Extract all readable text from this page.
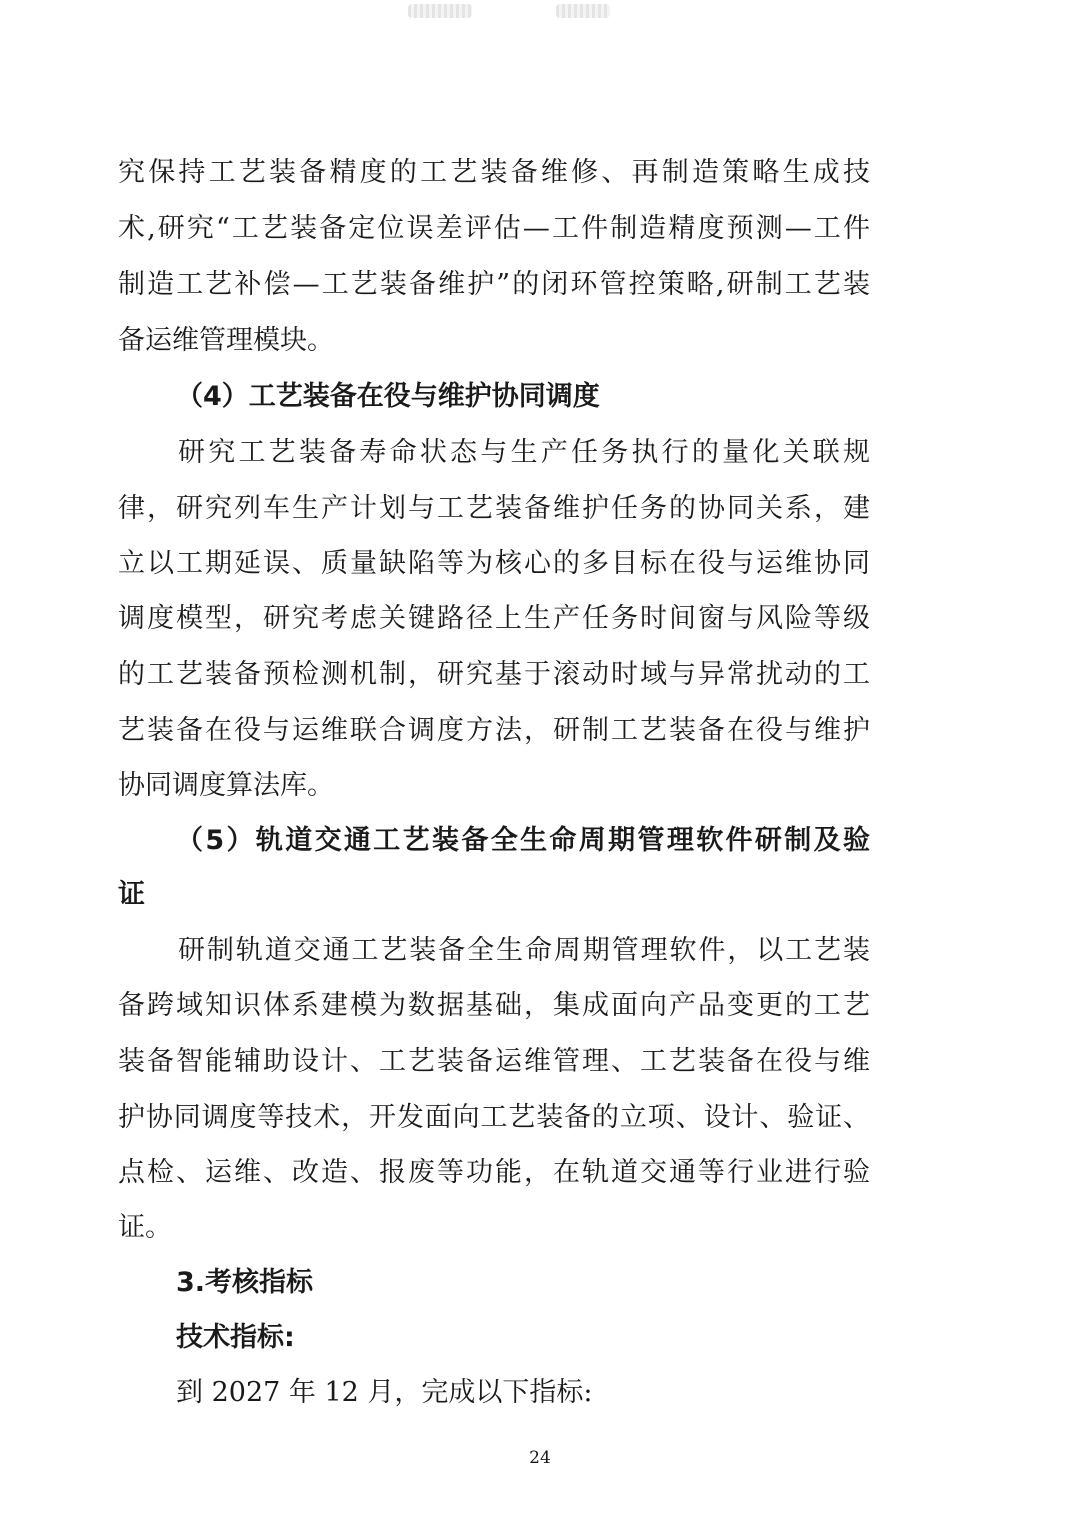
究保持工艺装备精度的工艺装备维修、再制造策略生成技
术,研究“工艺装备定位误差评估—工件制造精度预测—工件
制造工艺补偿—工艺装备维护”的闭环管控策略,研制工艺装
备运维管理模块。
（4）工艺装备在役与维护协同调度
研究工艺装备寿命状态与生产任务执行的量化关联规
律，研究列车生产计划与工艺装备维护任务的协同关系，建
立以工期延误、质量缺陷等为核心的多目标在役与运维协同
调度模型，研究考虑关键路径上生产任务时间窗与风险等级
的工艺装备预检测机制，研究基于滚动时域与异常扰动的工
艺装备在役与运维联合调度方法，研制工艺装备在役与维护
协同调度算法库。
（5）轨道交通工艺装备全生命周期管理软件研制及验
证
研制轨道交通工艺装备全生命周期管理软件，以工艺装
备跨域知识体系建模为数据基础，集成面向产品变更的工艺
装备智能辅助设计、工艺装备运维管理、工艺装备在役与维
护协同调度等技术，开发面向工艺装备的立项、设计、验证、
点检、运维、改造、报废等功能，在轨道交通等行业进行验
证。
3.考核指标
技术指标:
到 2027 年 12 月，完成以下指标:
24
